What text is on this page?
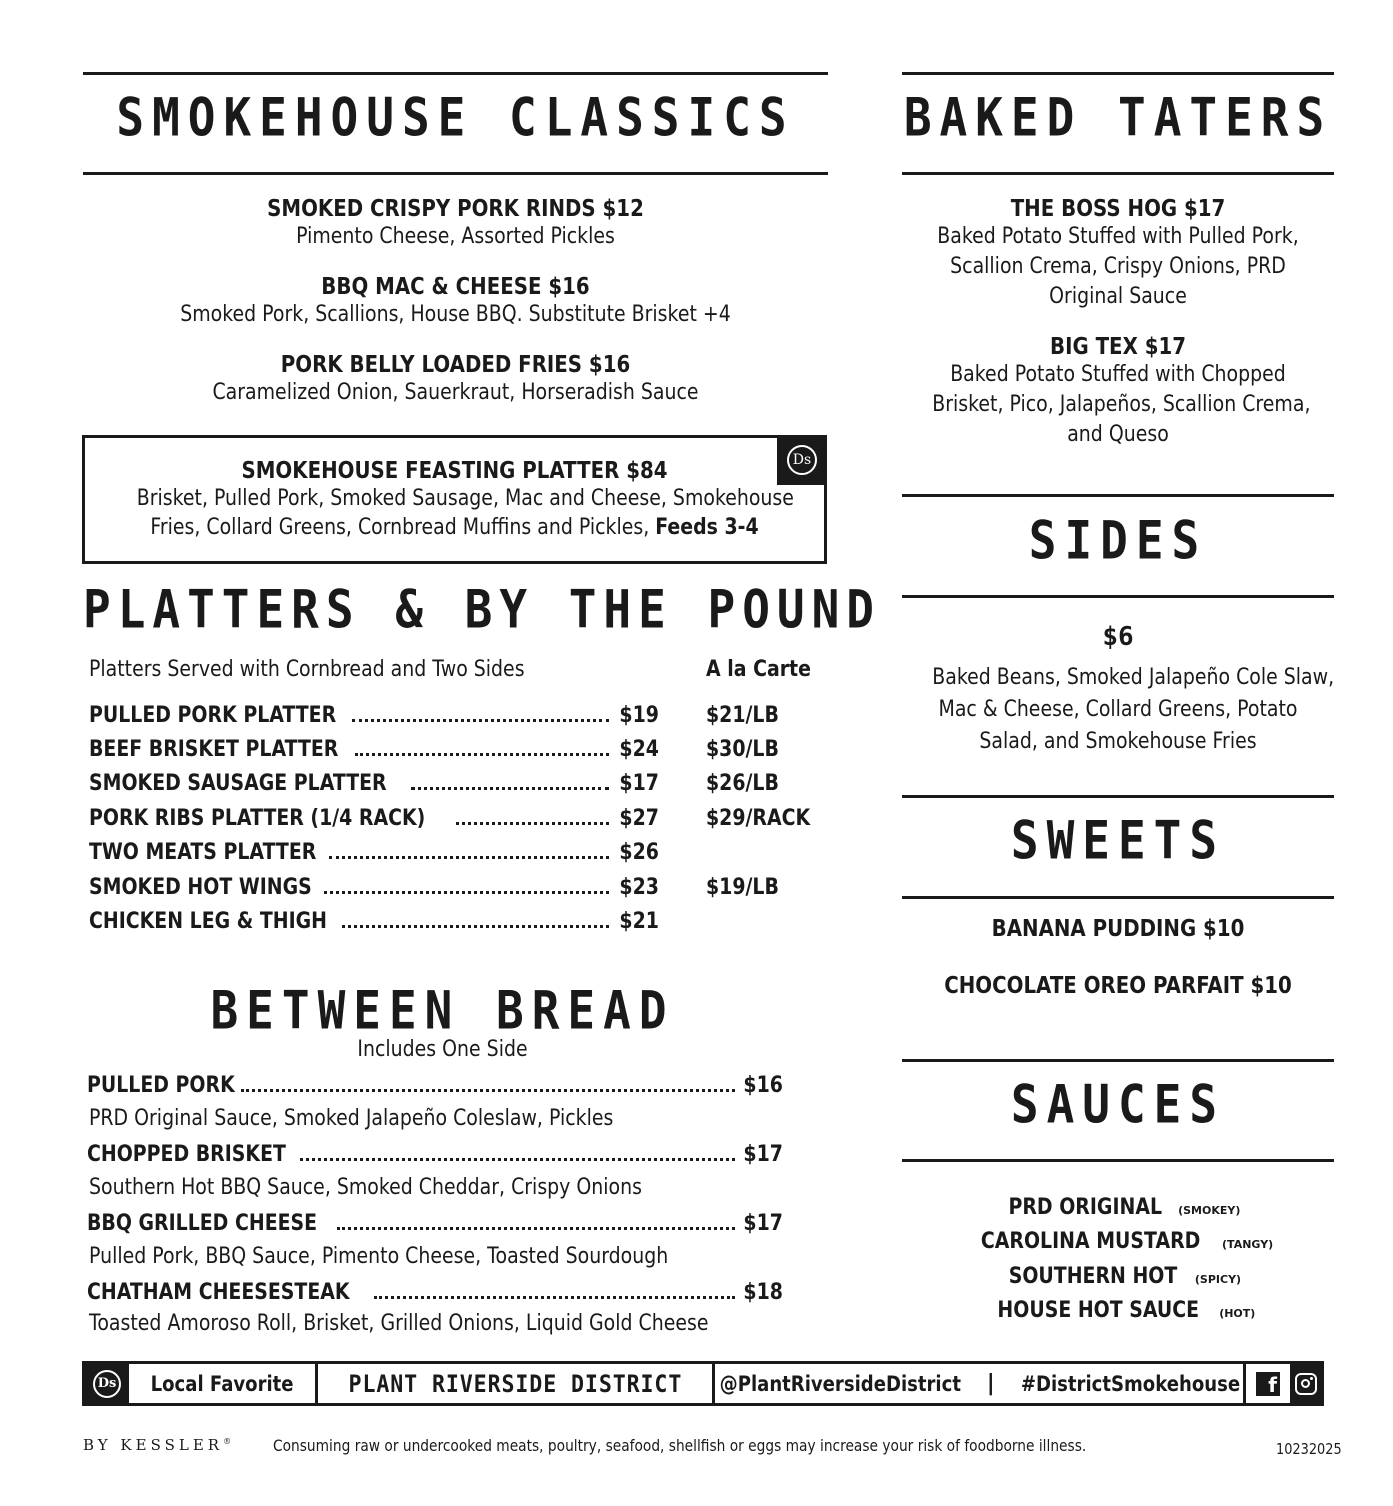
SMOKEHOUSE CLASSICS
SMOKED CRISPY PORK RINDS $12
Pimento Cheese, Assorted Pickles
BBQ MAC & CHEESE $16
Smoked Pork, Scallions, House BBQ. Substitute Brisket +4
PORK BELLY LOADED FRIES $16
Caramelized Onion, Sauerkraut, Horseradish Sauce
Ds
SMOKEHOUSE FEASTING PLATTER $84
Brisket, Pulled Pork, Smoked Sausage, Mac and Cheese, Smokehouse
Fries, Collard Greens, Cornbread Muffins and Pickles, Feeds 3-4
PLATTERS & BY THE POUND
Platters Served with Cornbread and Two Sides	A la Carte
PULLED PORK PLATTER	$19 $21/LB
BEEF BRISKET PLATTER	$24 $30/LB
SMOKED SAUSAGE PLATTER	$17 $26/LB
PORK RIBS PLATTER (1/4 RACK)	$27 $29/RACK
TWO MEATS PLATTER	$26
SMOKED HOT WINGS	$23 $19/LB
CHICKEN LEG & THIGH	$21
BETWEEN BREAD
Includes One Side
PULLED PORK	$16
PRD Original Sauce, Smoked Jalapeño Coleslaw, Pickles
CHOPPED BRISKET	$17
Southern Hot BBQ Sauce, Smoked Cheddar, Crispy Onions
BBQ GRILLED CHEESE	$17
Pulled Pork, BBQ Sauce, Pimento Cheese, Toasted Sourdough
CHATHAM CHEESESTEAK	$18
Toasted Amoroso Roll, Brisket, Grilled Onions, Liquid Gold Cheese
BAKED TATERS
THE BOSS HOG $17
Baked Potato Stuffed with Pulled Pork,
Scallion Crema, Crispy Onions, PRD
Original Sauce
BIG TEX $17
Baked Potato Stuffed with Chopped
Brisket, Pico, Jalapeños, Scallion Crema,
and Queso
SIDES
$6
Baked Beans, Smoked Jalapeño Cole Slaw,
Mac & Cheese, Collard Greens, Potato
Salad, and Smokehouse Fries
SWEETS
BANANA PUDDING $10
CHOCOLATE OREO PARFAIT $10
SAUCES
PRD ORIGINAL (SMOKEY)
CAROLINA MUSTARD (TANGY)
SOUTHERN HOT (SPICY)
HOUSE HOT SAUCE (HOT)
Ds Local Favorite PLANT RIVERSIDE DISTRICT @PlantRiversideDistrict | #DistrictSmokehouse	f
BY KESSLER®	Consuming raw or undercooked meats, poultry, seafood, shellfish or eggs may increase your risk of foodborne illness.	10232025
